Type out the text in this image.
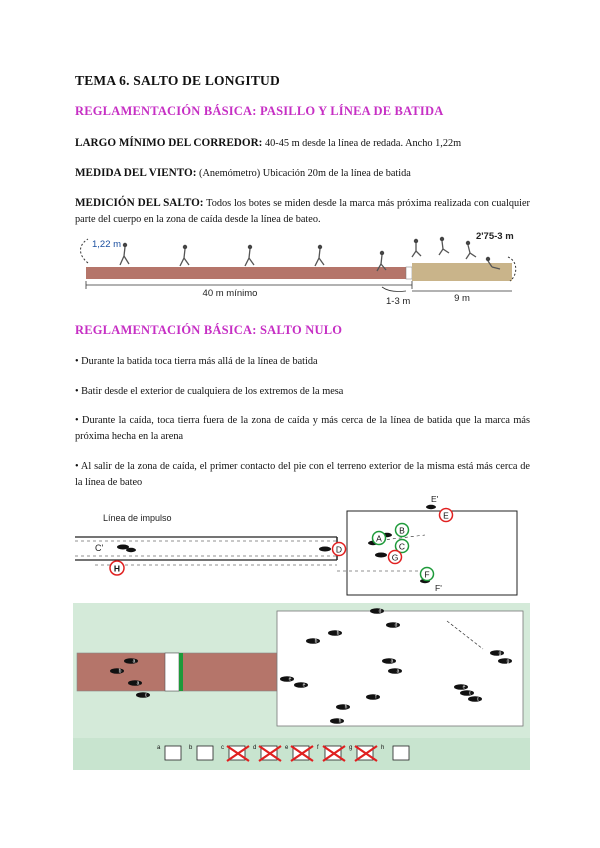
TEMA 6. SALTO DE LONGITUD
REGLAMENTACIÓN BÁSICA: PASILLO Y LÍNEA DE BATIDA
LARGO MÍNIMO DEL CORREDOR: 40-45 m desde la línea de redada. Ancho 1,22m
MEDIDA DEL VIENTO: (Anemómetro) Ubicación 20m de la línea de batida
MEDICIÓN DEL SALTO: Todos los botes se miden desde la marca más próxima realizada con cualquier parte del cuerpo en la zona de caída desde la línea de bateo.
1,22 m
2'75-3 m
40 m mínimo
1-3 m	9 m
REGLAMENTACIÓN BÁSICA: SALTO NULO
• Durante la batida toca tierra más allá de la línea de batida
• Batir desde el exterior de cualquiera de los extremos de la mesa
• Durante la caída, toca tierra fuera de la zona de caída y más cerca de la línea de batida que la marca más próxima hecha en la arena
• Al salir de la zona de caída, el primer contacto del pie con el terreno exterior de la misma está más cerca de la línea de bateo
Línea de impulso
C'
A
B
C
D
E
E'
F
F'
G
H
d
d
a
a
b
c
e
e
b
b
g
g
a
a
c
f
h
h
e
c
a	b	c	d	e	f	g	h
